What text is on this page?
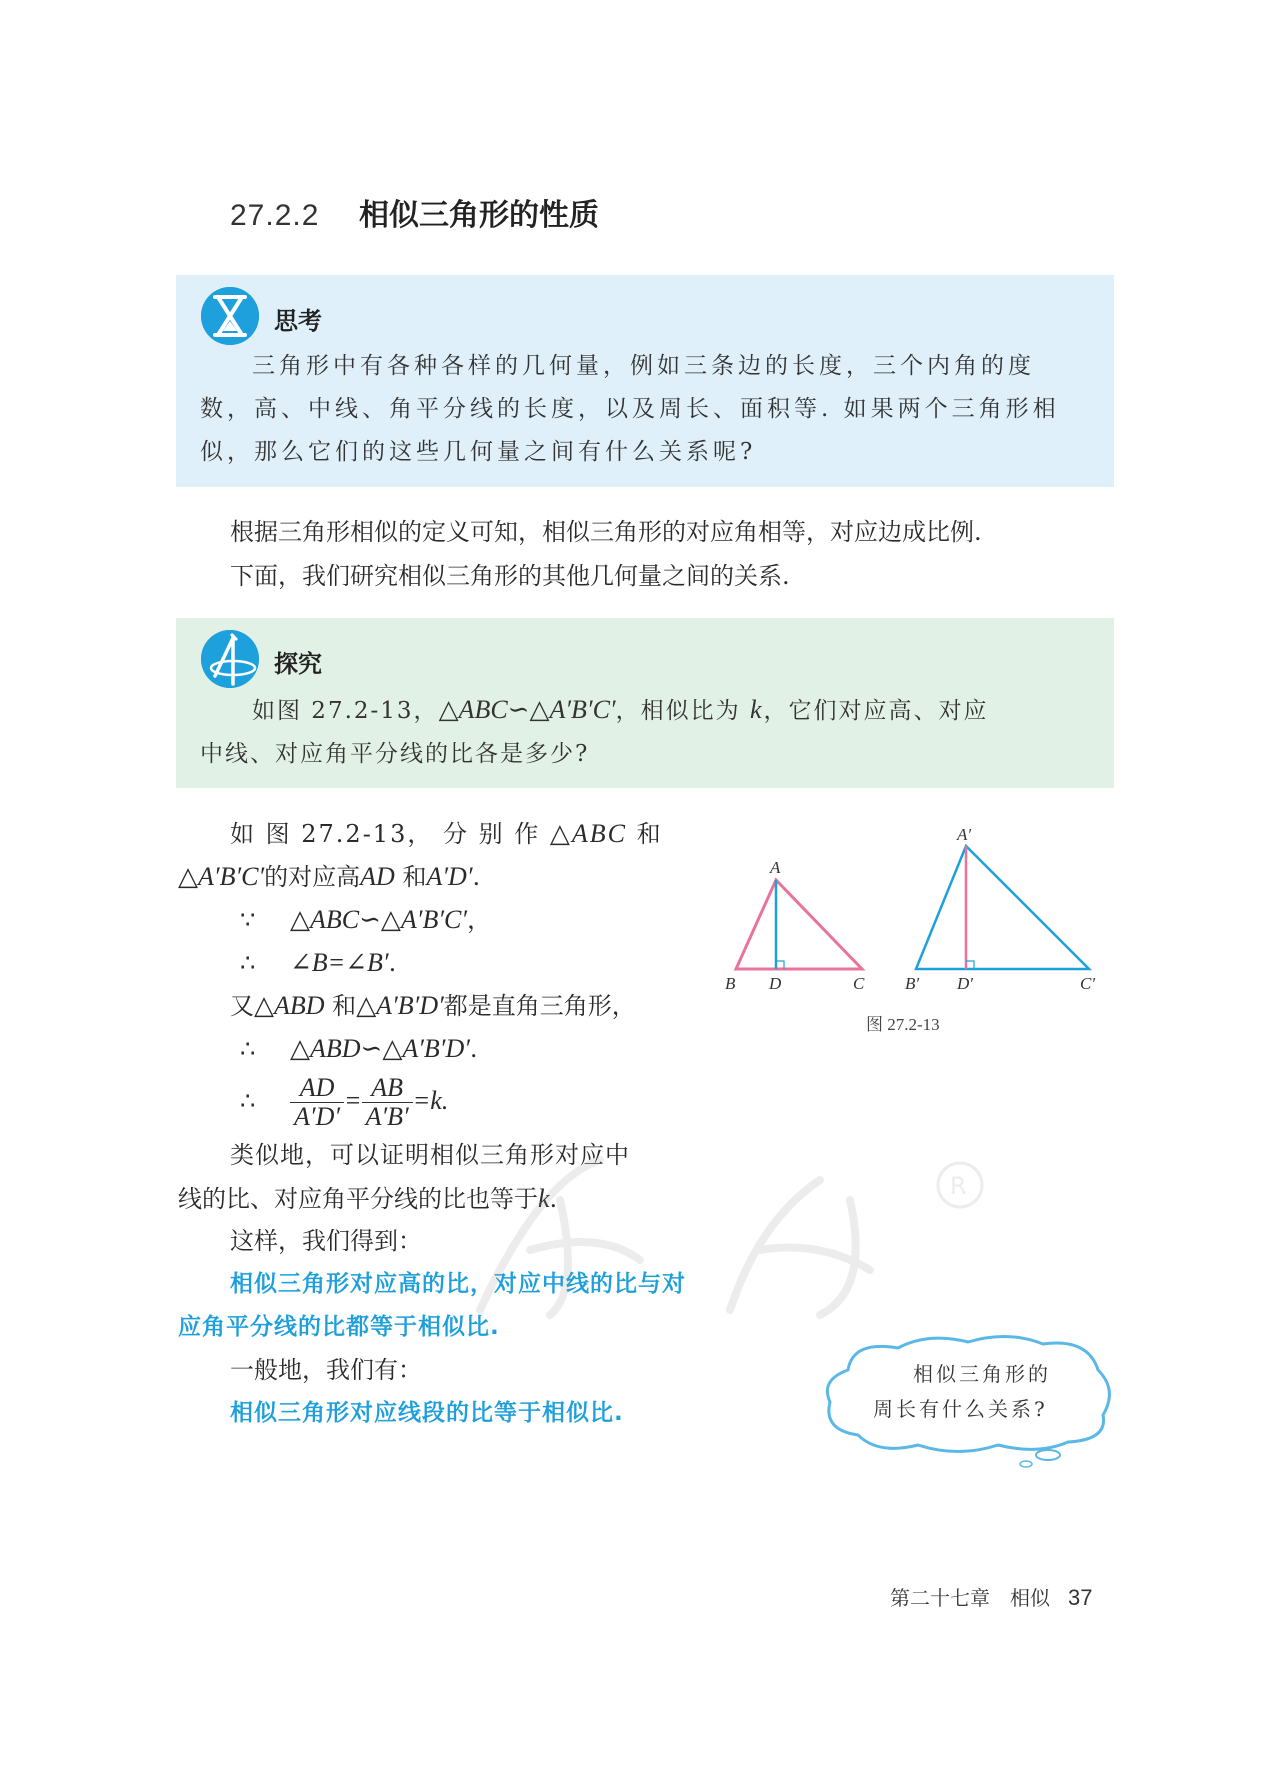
27.2.2 相似三角形的性质
思考
三角形中有各种各样的几何量，例如三条边的长度，三个内角的度
数，高、中线、角平分线的长度，以及周长、面积等. 如果两个三角形相
似，那么它们的这些几何量之间有什么关系呢?
根据三角形相似的定义可知，相似三角形的对应角相等，对应边成比例.
下面，我们研究相似三角形的其他几何量之间的关系.
探究
如图 27.2-13，△ABC∽△A′B′C′，相似比为 k，它们对应高、对应
中线、对应角平分线的比各是多少?
如 图 27.2-13， 分 别 作 △ABC 和
△A′B′C′的对应高AD 和A′D′.
∵ △ABC∽△A′B′C′，
∴ ∠B=∠B′.
又△ABD 和△A′B′D′都是直角三角形，
∴ △ABD∽△A′B′D′.
∴ $\frac{AD}{A'D'} = \frac{AB}{A'B'} =k$.
类似地，可以证明相似三角形对应中
线的比、对应角平分线的比也等于k.
这样，我们得到：
相似三角形对应高的比，对应中线的比与对
应角平分线的比都等于相似比.
一般地，我们有：
相似三角形对应线段的比等于相似比.
A
B D	C
A′
B′ D′	C′
图 27.2-13
R
相似三角形的
周长有什么关系?
第二十七章 相似 37
